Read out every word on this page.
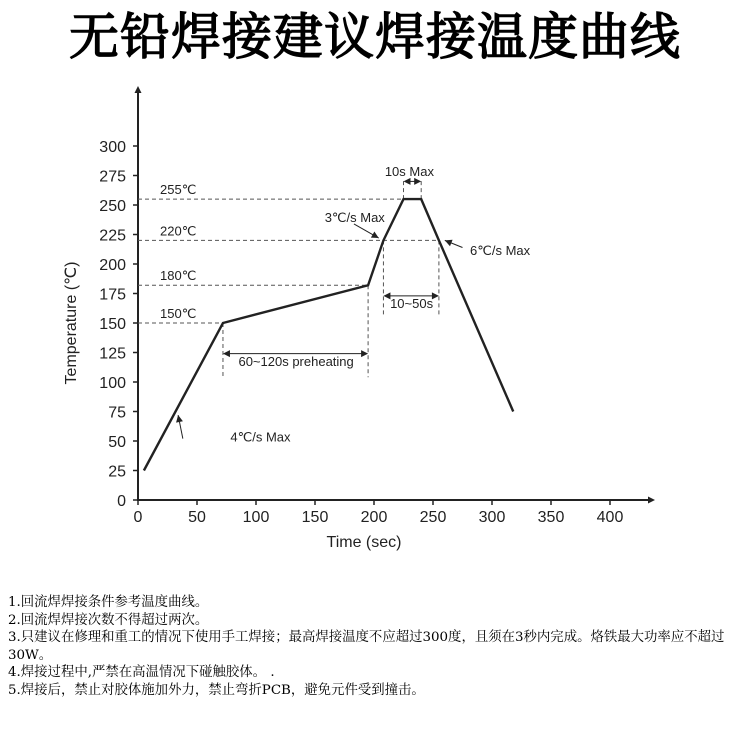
无铅焊接建议焊接温度曲线
0
25
50
75
100
125
150
175
200
225
250
275
300
0	50 100 150 200 250 300 350 400
Time (sec)
Temperature (℃)
255℃
220℃
180℃
150℃
10s Max
3℃/s Max
6℃/s Max
10~50s
60~120s preheating
4℃/s Max

1.回流焊焊接条件参考温度曲线。

2.回流焊焊接次数不得超过两次。

3.只建议在修理和重工的情况下使用手工焊接；最高焊接温度不应超过300度，且须在3秒内完成。烙铁最大功率应不超过30W。

4.焊接过程中,严禁在高温情况下碰触胶体。 .

5.焊接后，禁止对胶体施加外力，禁止弯折PCB，避免元件受到撞击。
